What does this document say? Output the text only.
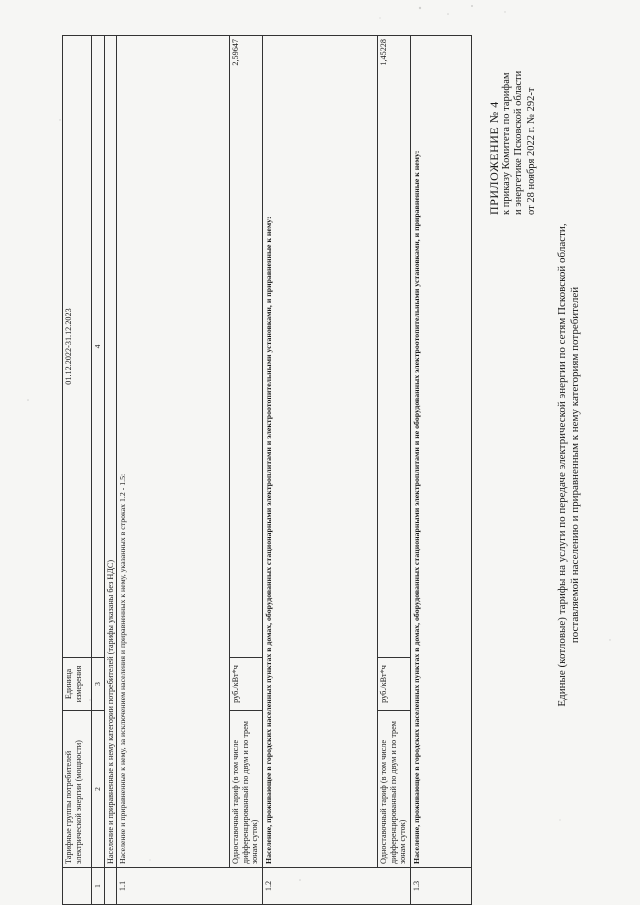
ПРИЛОЖЕНИЕ № 4 к приказу Комитета по тарифам и энергетике Псковской области от 28 ноября 2022 г. № 292-т
Единые (котловые) тарифы на услуги по передаче электрической энергии по сетям Псковской области, поставляемой населению и приравненным к нему категориям потребителей
	Тарифные группы потребителей электрической энергии (мощности)	Единица измерения	01.12.2022-31.12.2023
1	2	3	4
	Население и приравненные к нему категории потребителей (тарифы указаны без НДС)		
1.1	Население и приравненные к нему, за исключением населения и приравненных к нему, указанных в строках 1.2 - 1.5:		
	Одноставочный тариф (в том числе дифференцированный по двум и по трем зонам суток)	руб./кВт*ч	2,59647
1.2	Население, проживающее в городских населенных пунктах в домах, оборудованных стационарными электроплитами и электроотопительными установками, и приравненные к нему:		
	Одноставочный тариф (в том числе дифференцированный по двум и по трем зонам суток)	руб./кВт*ч	1,45228
1.3	Население, проживающее в городских населенных пунктах в домах, оборудованных стационарными электроплитами и не оборудованных электроотопительными установками, и приравненные к нему:		
